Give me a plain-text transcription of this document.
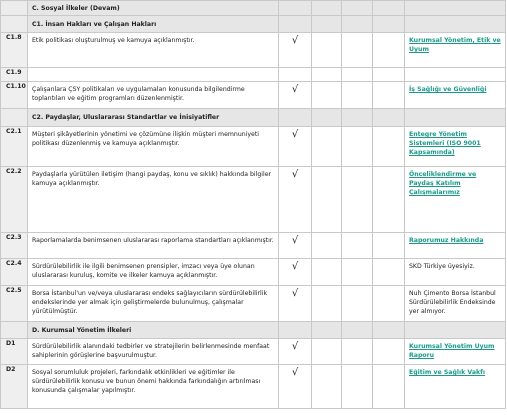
	C. Sosyal İlkeler (Devam)					
	C1. İnsan Hakları ve Çalışan Hakları					
C1.8	Etik politikası oluşturulmuş ve kamuya açıklanmıştır.	√				Kurumsal Yönetim, Etik ve Uyum
C1.9						
C1.10	Çalışanlara ÇSY politikaları ve uygulamaları konusunda bilgilendirme toplantıları ve eğitim programları düzenlenmiştir.	√				İş Sağlığı ve Güvenliği
	C2. Paydaşlar, Uluslararası Standartlar ve İnisiyatifler					
C2.1	Müşteri şikâyetlerinin yönetimi ve çözümüne ilişkin müşteri memnuniyeti politikası düzenlenmiş ve kamuya açıklanmıştır.	√				Entegre Yönetim Sistemleri (ISO 9001 Kapsamında)
C2.2	Paydaşlarla yürütülen iletişim (hangi paydaş, konu ve sıklık) hakkında bilgiler kamuya açıklanmıştır.	√				Önceliklendirme ve Paydaş Katılım Çalışmalarımız
C2.3	Raporlamalarda benimsenen uluslararası raporlama standartları açıklanmıştır.	√				Raporumuz Hakkında
C2.4	Sürdürülebilirlik ile ilgili benimsenen prensipler, imzacı veya üye olunan uluslararası kuruluş, komite ve ilkeler kamuya açıklanmıştır.	√				SKD Türkiye üyesiyiz.
C2.5	Borsa İstanbul'un ve/veya uluslararası endeks sağlayıcıların sürdürülebilirlik endekslerinde yer almak için geliştirmelerde bulunulmuş, çalışmalar yürütülmüştür.	√				Nuh Çimento Borsa İstanbul Sürdürülebilirlik Endeksinde yer almıyor.
	D. Kurumsal Yönetim İlkeleri					
D1	Sürdürülebilirlik alanındaki tedbirler ve stratejilerin belirlenmesinde menfaat sahiplerinin görüşlerine başvurulmuştur.	√				Kurumsal Yönetim Uyum Raporu
D2	Sosyal sorumluluk projeleri, farkındalık etkinlikleri ve eğitimler ile sürdürülebilirlik konusu ve bunun önemi hakkında farkındalığın artırılması konusunda çalışmalar yapılmıştır.	√				Eğitim ve Sağlık Vakfı
